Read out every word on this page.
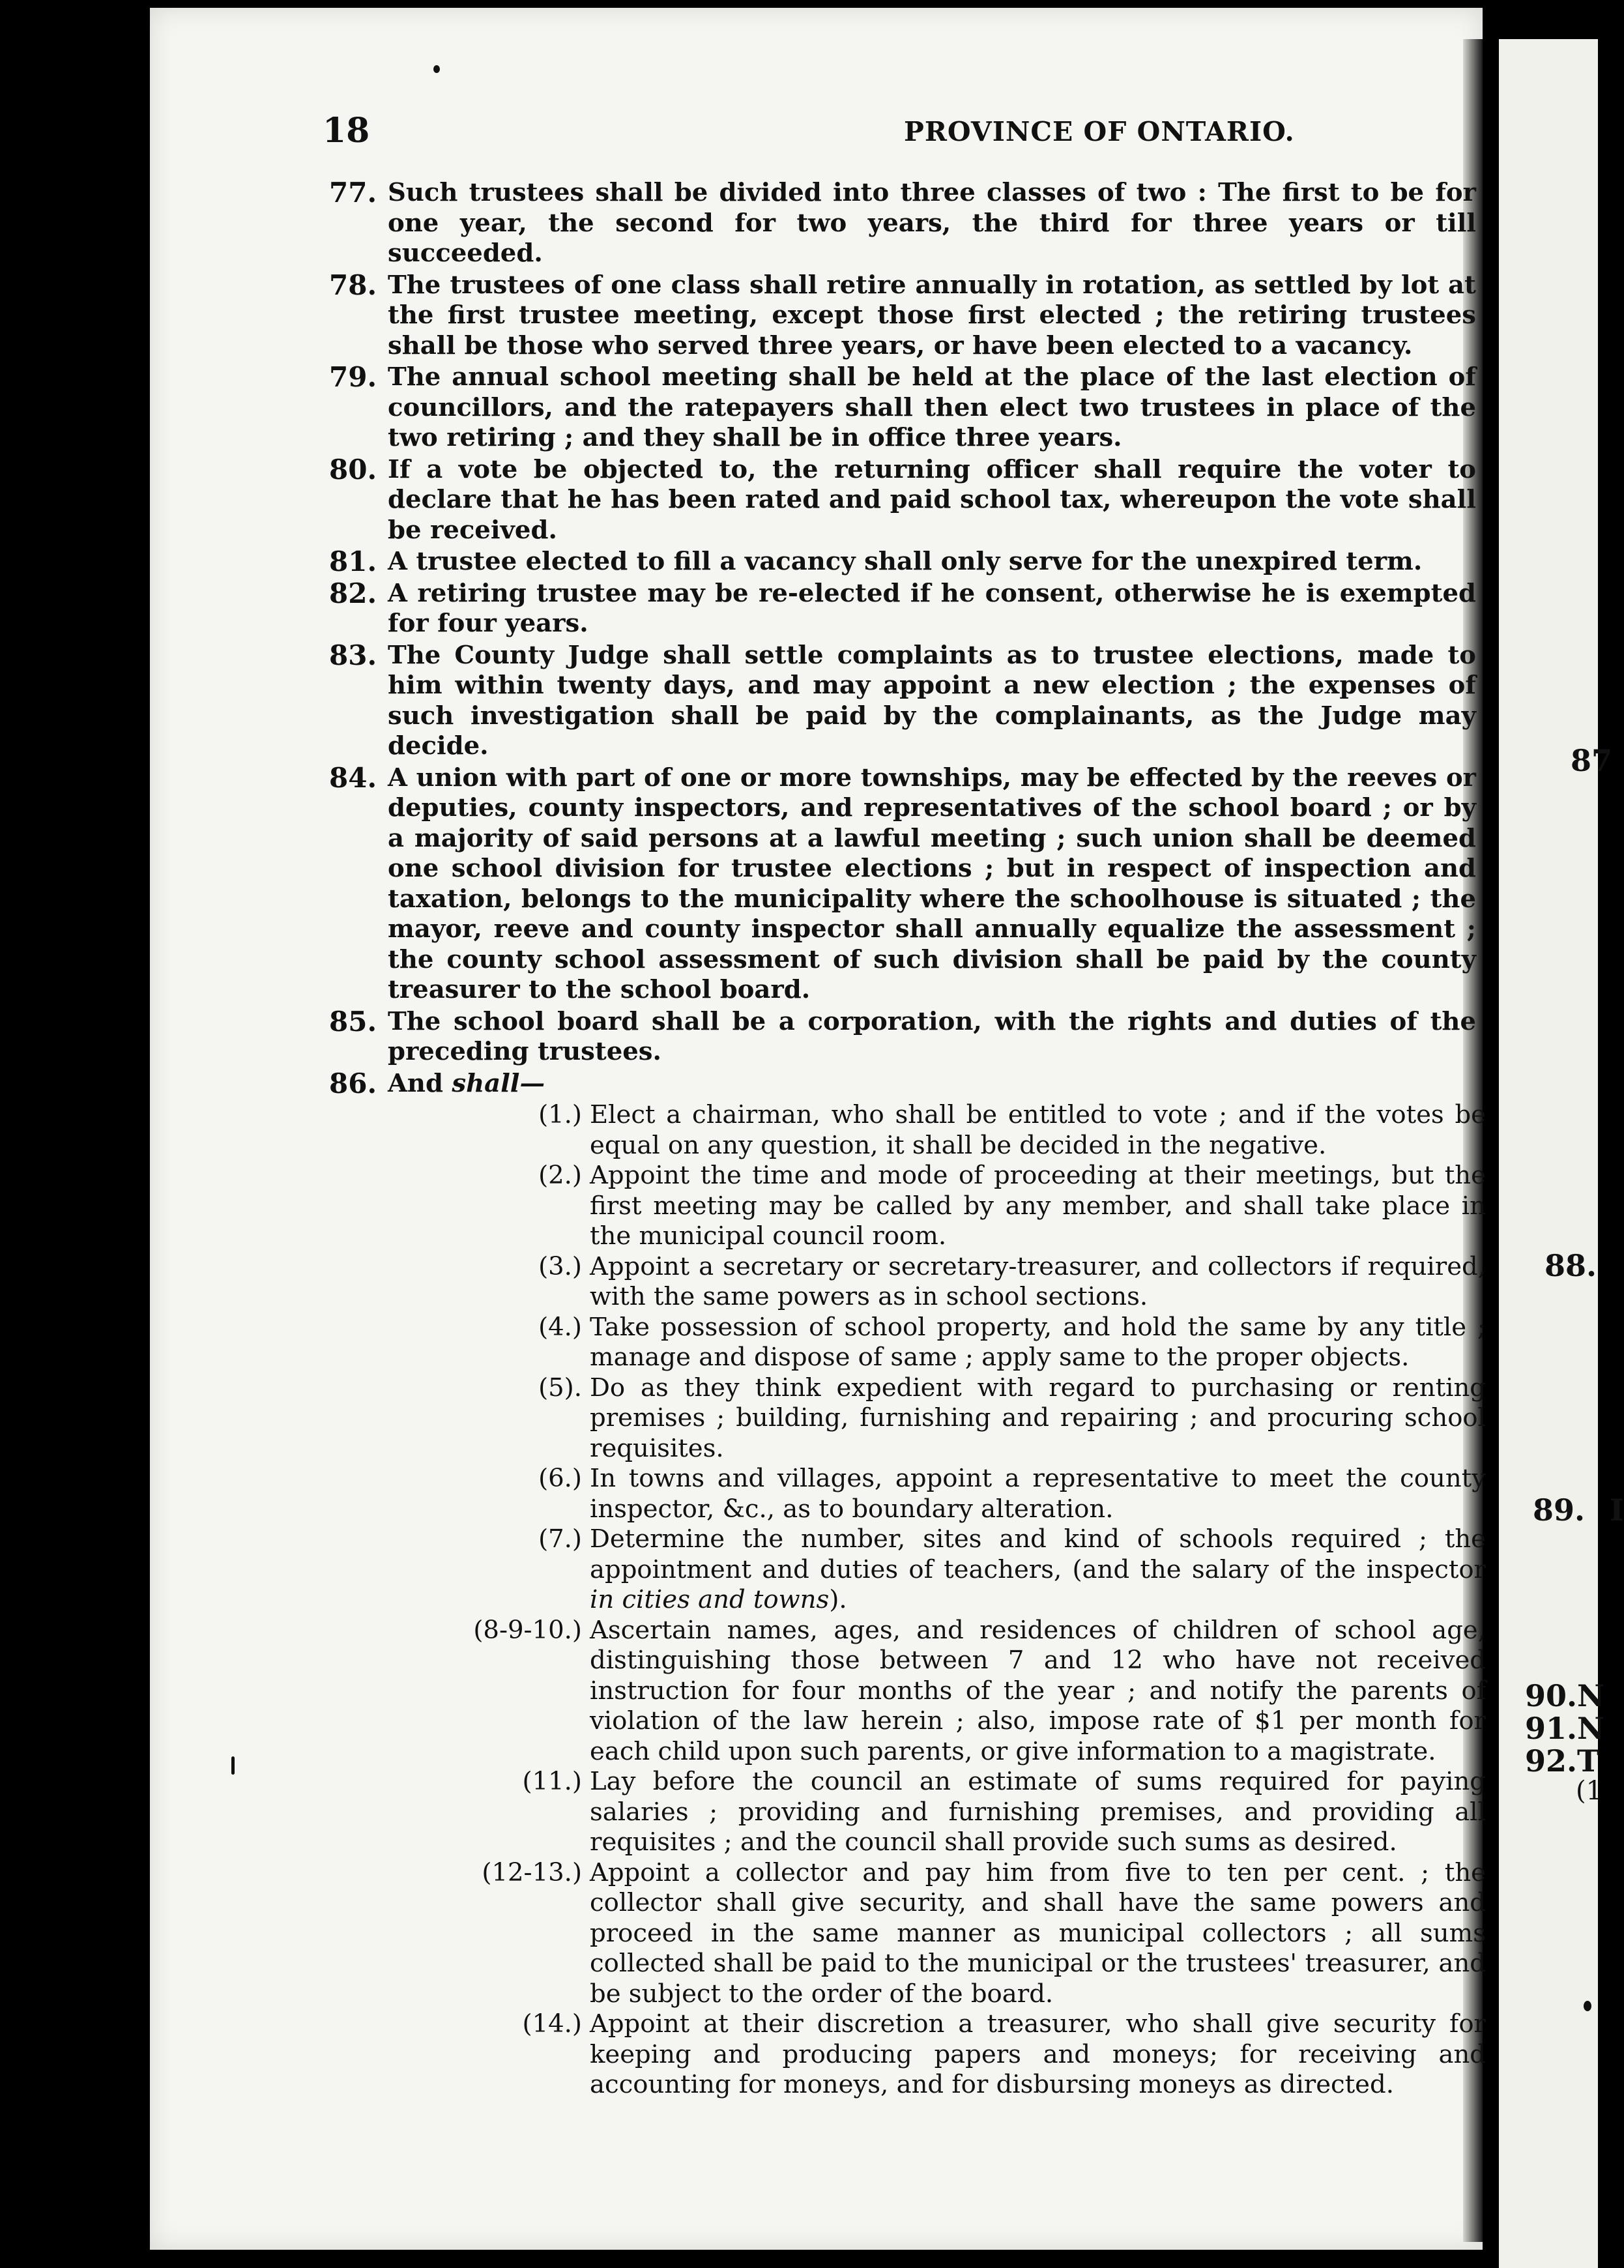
87
88.
89. I
90.
91.
92.
N
N
T
(1
18	PROVINCE OF ONTARIO.
77. Such trustees shall be divided into three classes of two : The first to be for one year, the second for two years, the third for three years or till succeeded.
78. The trustees of one class shall retire annually in rotation, as settled by lot at the first trustee meeting, except those first elected ; the retiring trustees shall be those who served three years, or have been elected to a vacancy.
79. The annual school meeting shall be held at the place of the last election of councillors, and the ratepayers shall then elect two trustees in place of the two retiring ; and they shall be in office three years.
80. If a vote be objected to, the returning officer shall require the voter to declare that he has been rated and paid school tax, whereupon the vote shall be received.
81. A trustee elected to fill a vacancy shall only serve for the unexpired term.
82. A retiring trustee may be re-elected if he consent, otherwise he is exempted for four years.
83. The County Judge shall settle complaints as to trustee elections, made to him within twenty days, and may appoint a new election ; the expenses of such investigation shall be paid by the complainants, as the Judge may decide.
84. A union with part of one or more townships, may be effected by the reeves or deputies, county inspectors, and representatives of the school board ; or by a majority of said persons at a lawful meeting ; such union shall be deemed one school division for trustee elections ; but in respect of inspection and taxation, belongs to the municipality where the schoolhouse is situated ; the mayor, reeve and county inspector shall annually equalize the assessment ; the county school assessment of such division shall be paid by the county treasurer to the school board.
85. The school board shall be a corporation, with the rights and duties of the preceding trustees.
86. And shall—
(1.) Elect a chairman, who shall be entitled to vote ; and if the votes be equal on any question, it shall be decided in the negative.
(2.) Appoint the time and mode of proceeding at their meetings, but the first meeting may be called by any member, and shall take place in the municipal council room.
(3.) Appoint a secretary or secretary-treasurer, and collectors if required, with the same powers as in school sections.
(4.) Take possession of school property, and hold the same by any title ; manage and dispose of same ; apply same to the proper objects.
(5). Do as they think expedient with regard to purchasing or renting premises ; building, furnishing and repairing ; and procuring school requisites.
(6.) In towns and villages, appoint a representative to meet the county inspector, &c., as to boundary alteration.
(7.) Determine the number, sites and kind of schools required ; the appointment and duties of teachers, (and the salary of the inspector in cities and towns).
(8-9-10.) Ascertain names, ages, and residences of children of school age, distinguishing those between 7 and 12 who have not received instruction for four months of the year ; and notify the parents of violation of the law herein ; also, impose rate of $1 per month for each child upon such parents, or give information to a magistrate.
(11.) Lay before the council an estimate of sums required for paying salaries ; providing and furnishing premises, and providing all requisites ; and the council shall provide such sums as desired.
(12-13.) Appoint a collector and pay him from five to ten per cent. ; the collector shall give security, and shall have the same powers and proceed in the same manner as municipal collectors ; all sums collected shall be paid to the municipal or the trustees' treasurer, and be subject to the order of the board.
(14.) Appoint at their discretion a treasurer, who shall give security for keeping and producing papers and moneys; for receiving and accounting for moneys, and for disbursing moneys as directed.
